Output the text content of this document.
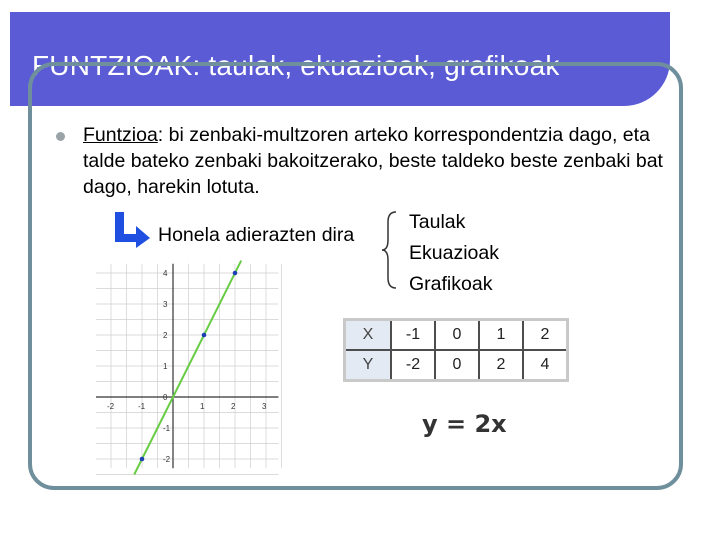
FUNTZIOAK: taulak, ekuazioak, grafikoak
Funtzioa: bi zenbaki-multzoren arteko korrespondentzia dago, eta talde bateko zenbaki bakoitzerako, beste taldeko beste zenbaki bat dago, harekin lotuta.
Honela adierazten dira
Taulak
Ekuazioak
Grafikoak
-2	-1	1	2	3
4
3
2
1
0
-1
-2
X	-1	0	1	2
Y	-2	0	2	4
y = 2x
